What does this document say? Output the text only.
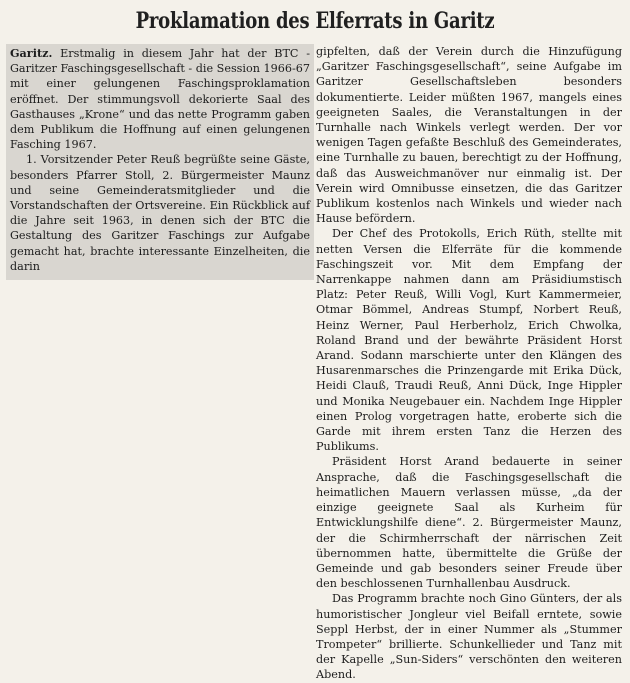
Proklamation des Elferrats in Garitz

Garitz. Erstmalig in diesem Jahr hat der BTC - Garitzer Faschingsgesellschaft - die Session 1966-67 mit einer gelungenen Faschingsproklamation eröffnet. Der stimmungsvoll dekorierte Saal des Gasthauses „Krone“ und das nette Programm gaben dem Publikum die Hoffnung auf einen gelungenen Fasching 1967.

1. Vorsitzender Peter Reuß begrüßte seine Gäste, besonders Pfarrer Stoll, 2. Bürgermeister Maunz und seine Gemeinderatsmitglieder und die Vorstandschaften der Ortsvereine. Ein Rückblick auf die Jahre seit 1963, in denen sich der BTC die Gestaltung des Garitzer Faschings zur Aufgabe gemacht hat, brachte interessante Einzelheiten, die darin

gipfelten, daß der Verein durch die Hinzufügung „Garitzer Faschingsgesellschaft“, seine Aufgabe im Garitzer Gesellschaftsleben besonders dokumentierte. Leider müßten 1967, mangels eines geeigneten Saales, die Veranstaltungen in der Turnhalle nach Winkels verlegt werden. Der vor wenigen Tagen gefaßte Beschluß des Gemeinderates, eine Turnhalle zu bauen, berechtigt zu der Hoffnung, daß das Ausweichmanöver nur einmalig ist. Der Verein wird Omnibusse einsetzen, die das Garitzer Publikum kostenlos nach Winkels und wieder nach Hause befördern.

Der Chef des Protokolls, Erich Rüth, stellte mit netten Versen die Elferräte für die kommende Faschingszeit vor. Mit dem Empfang der Narrenkappe nahmen dann am Präsidiumstisch Platz: Peter Reuß, Willi Vogl, Kurt Kammermeier, Otmar Bömmel, Andreas Stumpf, Norbert Reuß, Heinz Werner, Paul Herberholz, Erich Chwolka, Roland Brand und der bewährte Präsident Horst Arand. Sodann marschierte unter den Klängen des Husarenmarsches die Prinzengarde mit Erika Dück, Heidi Clauß, Traudi Reuß, Anni Dück, Inge Hippler und Monika Neugebauer ein. Nachdem Inge Hippler einen Prolog vorgetragen hatte, eroberte sich die Garde mit ihrem ersten Tanz die Herzen des Publikums.

Präsident Horst Arand bedauerte in seiner Ansprache, daß die Faschingsgesellschaft die heimatlichen Mauern verlassen müsse, „da der einzige geeignete Saal als Kurheim für Entwicklungshilfe diene“. 2. Bürgermeister Maunz, der die Schirmherrschaft der närrischen Zeit übernommen hatte, übermittelte die Grüße der Gemeinde und gab besonders seiner Freude über den beschlossenen Turnhallenbau Ausdruck.

Das Programm brachte noch Gino Günters, der als humoristischer Jongleur viel Beifall erntete, sowie Seppl Herbst, der in einer Nummer als „Stummer Trompeter“ brillierte. Schunkellieder und Tanz mit der Kapelle „Sun-Siders“ verschönten den weiteren Abend.
